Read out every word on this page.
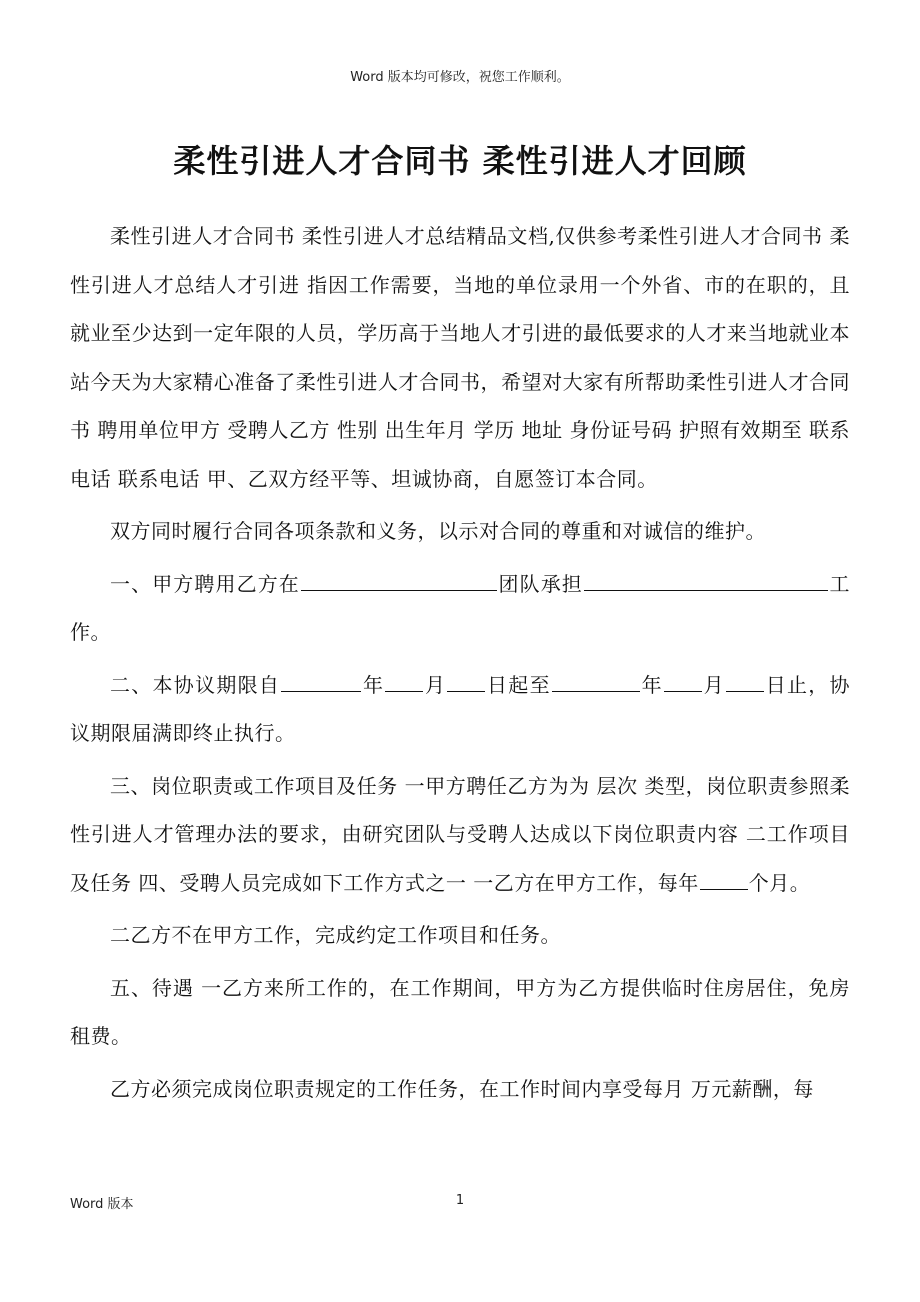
Word 版本均可修改，祝您工作顺利。
柔性引进人才合同书 柔性引进人才回顾

柔性引进人才合同书 柔性引进人才总结精品文档,仅供参考柔性引进人才合同书 柔性引进人才总结人才引进 指因工作需要，当地的单位录用一个外省、市的在职的，且就业至少达到一定年限的人员，学历高于当地人才引进的最低要求的人才来当地就业本站今天为大家精心准备了柔性引进人才合同书，希望对大家有所帮助柔性引进人才合同书 聘用单位甲方 受聘人乙方 性别 出生年月 学历 地址 身份证号码 护照有效期至 联系电话 联系电话 甲、乙双方经平等、坦诚协商，自愿签订本合同。

双方同时履行合同各项条款和义务，以示对合同的尊重和对诚信的维护。

一、甲方聘用乙方在	团队承担	工作。

二、本协议期限自	年 月 日起至	年 月 日止，协议期限届满即终止执行。

三、岗位职责或工作项目及任务 一甲方聘任乙方为为 层次 类型，岗位职责参照柔性引进人才管理办法的要求，由研究团队与受聘人达成以下岗位职责内容 二工作项目及任务 四、受聘人员完成如下工作方式之一 一乙方在甲方工作，每年	个月。

二乙方不在甲方工作，完成约定工作项目和任务。

五、待遇 一乙方来所工作的，在工作期间，甲方为乙方提供临时住房居住，免房租费。

乙方必须完成岗位职责规定的工作任务，在工作时间内享受每月 万元薪酬，每

Word 版本	1
